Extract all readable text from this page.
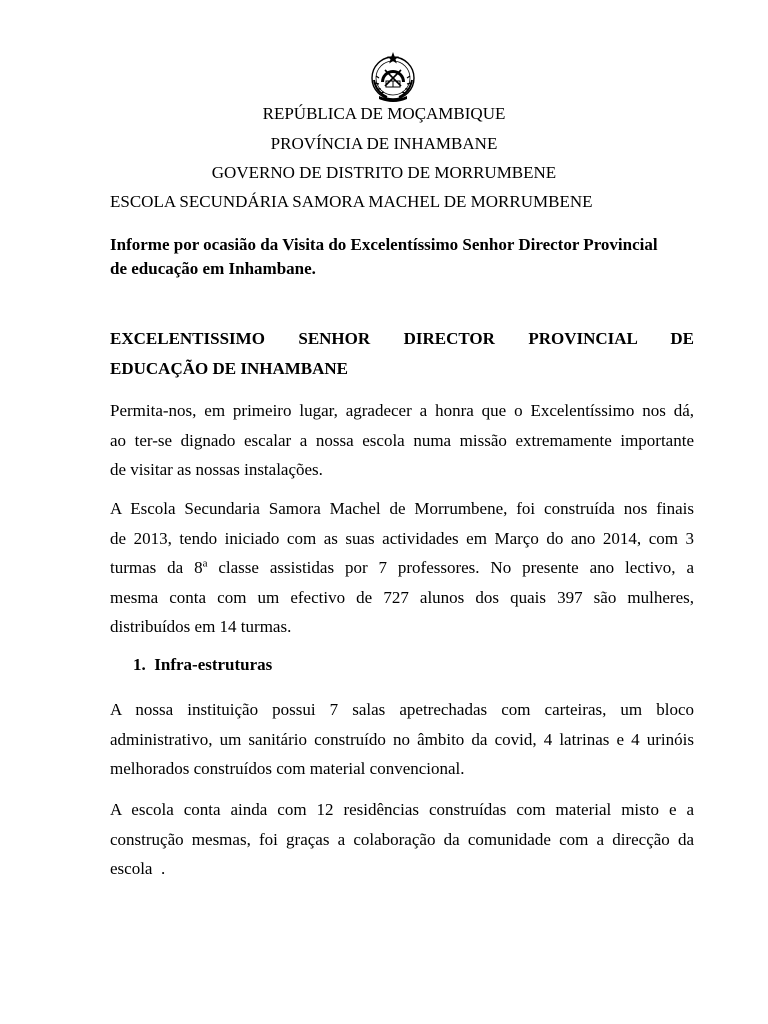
REPÚBLICA DE MOÇAMBIQUE
PROVÍNCIA DE INHAMBANE
GOVERNO DE DISTRITO DE MORRUMBENE
ESCOLA SECUNDÁRIA SAMORA MACHEL DE MORRUMBENE
Informe por ocasião da Visita do Excelentíssimo Senhor Director Provincial
de educação em Inhambane.
EXCELENTISSIMO SENHOR DIRECTOR PROVINCIAL DE
EDUCAÇÃO DE INHAMBANE
Permita-nos, em primeiro lugar, agradecer a honra que o Excelentíssimo nos dá,
ao ter-se dignado escalar a nossa escola numa missão extremamente importante
de visitar as nossas instalações.
A Escola Secundaria Samora Machel de Morrumbene, foi construída nos finais
de 2013, tendo iniciado com as suas actividades em Março do ano 2014, com 3
turmas da 8$^a$ classe assistidas por 7 professores. No presente ano lectivo, a
mesma conta com um efectivo de 727 alunos dos quais 397 são mulheres,
distribuídos em 14 turmas.
1. Infra-estruturas
A nossa instituição possui 7 salas apetrechadas com carteiras, um bloco
administrativo, um sanitário construído no âmbito da covid, 4 latrinas e 4 urinóis
melhorados construídos com material convencional.
A escola conta ainda com 12 residências construídas com material misto e a
construção mesmas, foi graças a colaboração da comunidade com a direcção da
escola  .
